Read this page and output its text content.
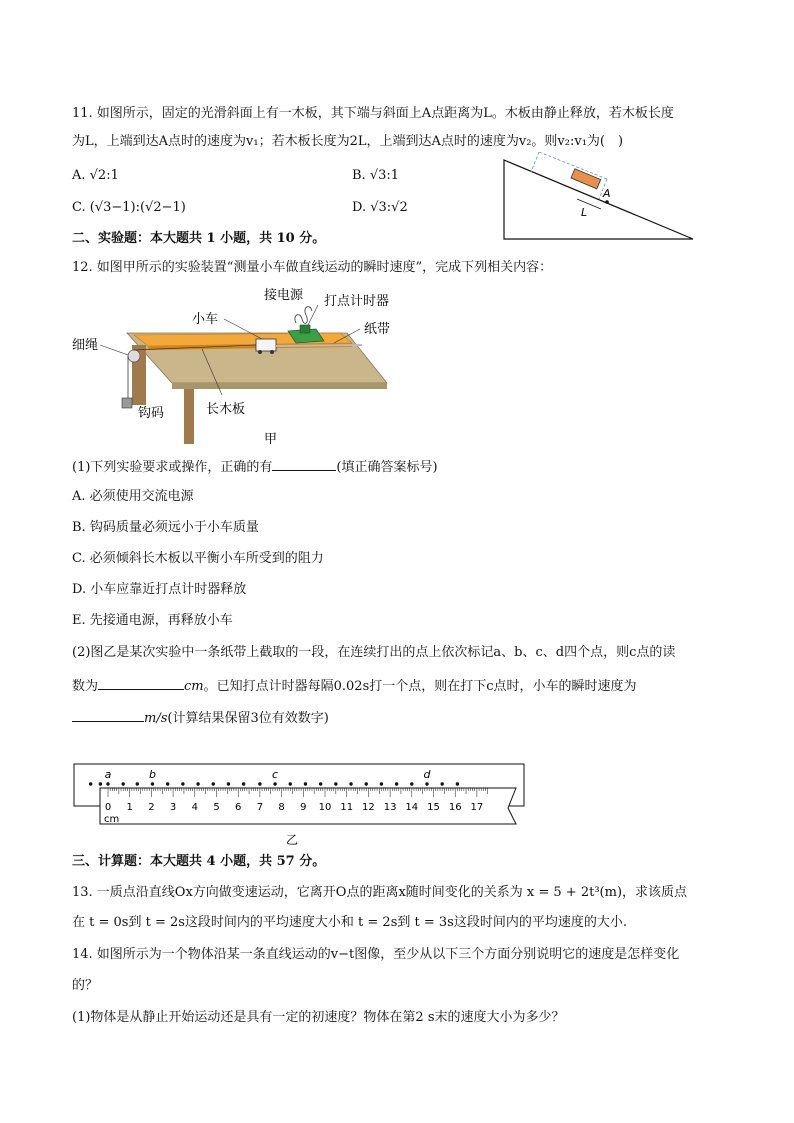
11. 如图所示，固定的光滑斜面上有一木板，其下端与斜面上A点距离为L。木板由静止释放，若木板长度
为L，上端到达A点时的速度为v₁；若木板长度为2L，上端到达A点时的速度为v₂。则v₂:v₁为(　)
A. √2:1	B. √3:1
C. (√3−1):(√2−1)	D. √3:√2
A
L
二、实验题：本大题共 1 小题，共 10 分。
12. 如图甲所示的实验装置“测量小车做直线运动的瞬时速度”，完成下列相关内容：
接电源 打点计时器
小车
纸带
细绳
钩码	长木板
甲
(1)下列实验要求或操作，正确的有	(填正确答案标号)
A. 必须使用交流电源
B. 钩码质量必须远小于小车质量
C. 必须倾斜长木板以平衡小车所受到的阻力
D. 小车应靠近打点计时器释放
E. 先接通电源，再释放小车
(2)图乙是某次实验中一条纸带上截取的一段，在连续打出的点上依次标记a、b、c、d四个点，则c点的读
数为	cm。已知打点计时器每隔0.02s打一个点，则在打下c点时，小车的瞬时速度为
m/s(计算结果保留3位有效数字)
0 1 2 3 4 5 6 7 8 9 10 11 12 13 14 15 16 17
a	b	c	d
cm
乙
三、计算题：本大题共 4 小题，共 57 分。
13. 一质点沿直线Ox方向做变速运动，它离开O点的距离x随时间变化的关系为 x = 5 + 2t³(m)，求该质点
在 t = 0s到 t = 2s这段时间内的平均速度大小和 t = 2s到 t = 3s这段时间内的平均速度的大小.
14. 如图所示为一个物体沿某一条直线运动的v−t图像，至少从以下三个方面分别说明它的速度是怎样变化
的？
(1)物体是从静止开始运动还是具有一定的初速度？物体在第2 s末的速度大小为多少？
